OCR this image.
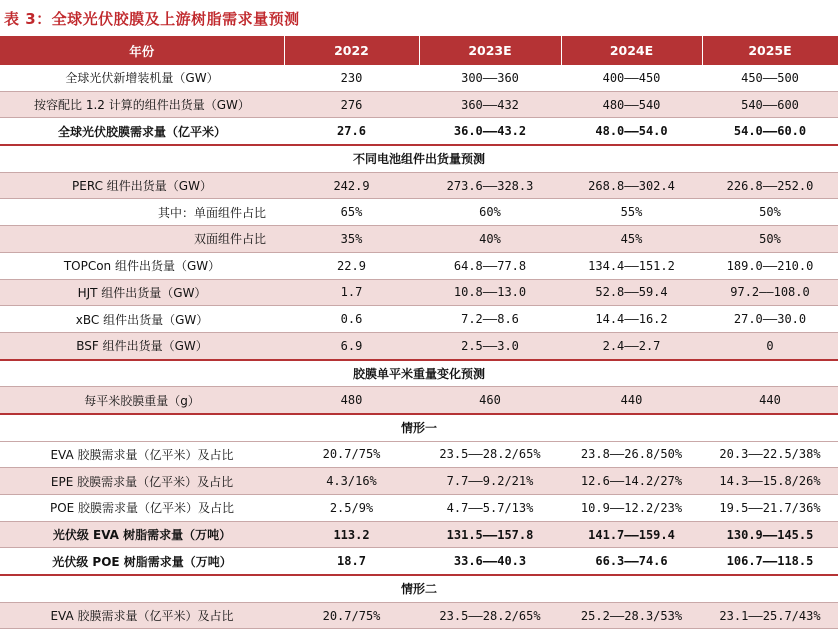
表 3：全球光伏胶膜及上游树脂需求量预测
年份	2022	2023E	2024E	2025E
全球光伏新增装机量（GW）	230	300——360	400——450	450——500
按容配比 1.2 计算的组件出货量（GW）	276	360——432	480——540	540——600
全球光伏胶膜需求量（亿平米）	27.6	36.0——43.2	48.0——54.0	54.0——60.0
不同电池组件出货量预测				
PERC 组件出货量（GW）	242.9	273.6——328.3	268.8——302.4	226.8——252.0
其中：单面组件占比	65%	60%	55%	50%
双面组件占比	35%	40%	45%	50%
TOPCon 组件出货量（GW）	22.9	64.8——77.8	134.4——151.2	189.0——210.0
HJT 组件出货量（GW）	1.7	10.8——13.0	52.8——59.4	97.2——108.0
xBC 组件出货量（GW）	0.6	7.2——8.6	14.4——16.2	27.0——30.0
BSF 组件出货量（GW）	6.9	2.5——3.0	2.4——2.7	0
胶膜单平米重量变化预测				
每平米胶膜重量（g）	480	460	440	440
情形一				
EVA 胶膜需求量（亿平米）及占比	20.7/75%	23.5——28.2/65%	23.8——26.8/50%	20.3——22.5/38%
EPE 胶膜需求量（亿平米）及占比	4.3/16%	7.7——9.2/21%	12.6——14.2/27%	14.3——15.8/26%
POE 胶膜需求量（亿平米）及占比	2.5/9%	4.7——5.7/13%	10.9——12.2/23%	19.5——21.7/36%
光伏级 EVA 树脂需求量（万吨）	113.2	131.5——157.8	141.7——159.4	130.9——145.5
光伏级 POE 树脂需求量（万吨）	18.7	33.6——40.3	66.3——74.6	106.7——118.5
情形二				
EVA 胶膜需求量（亿平米）及占比	20.7/75%	23.5——28.2/65%	25.2——28.3/53%	23.1——25.7/43%
